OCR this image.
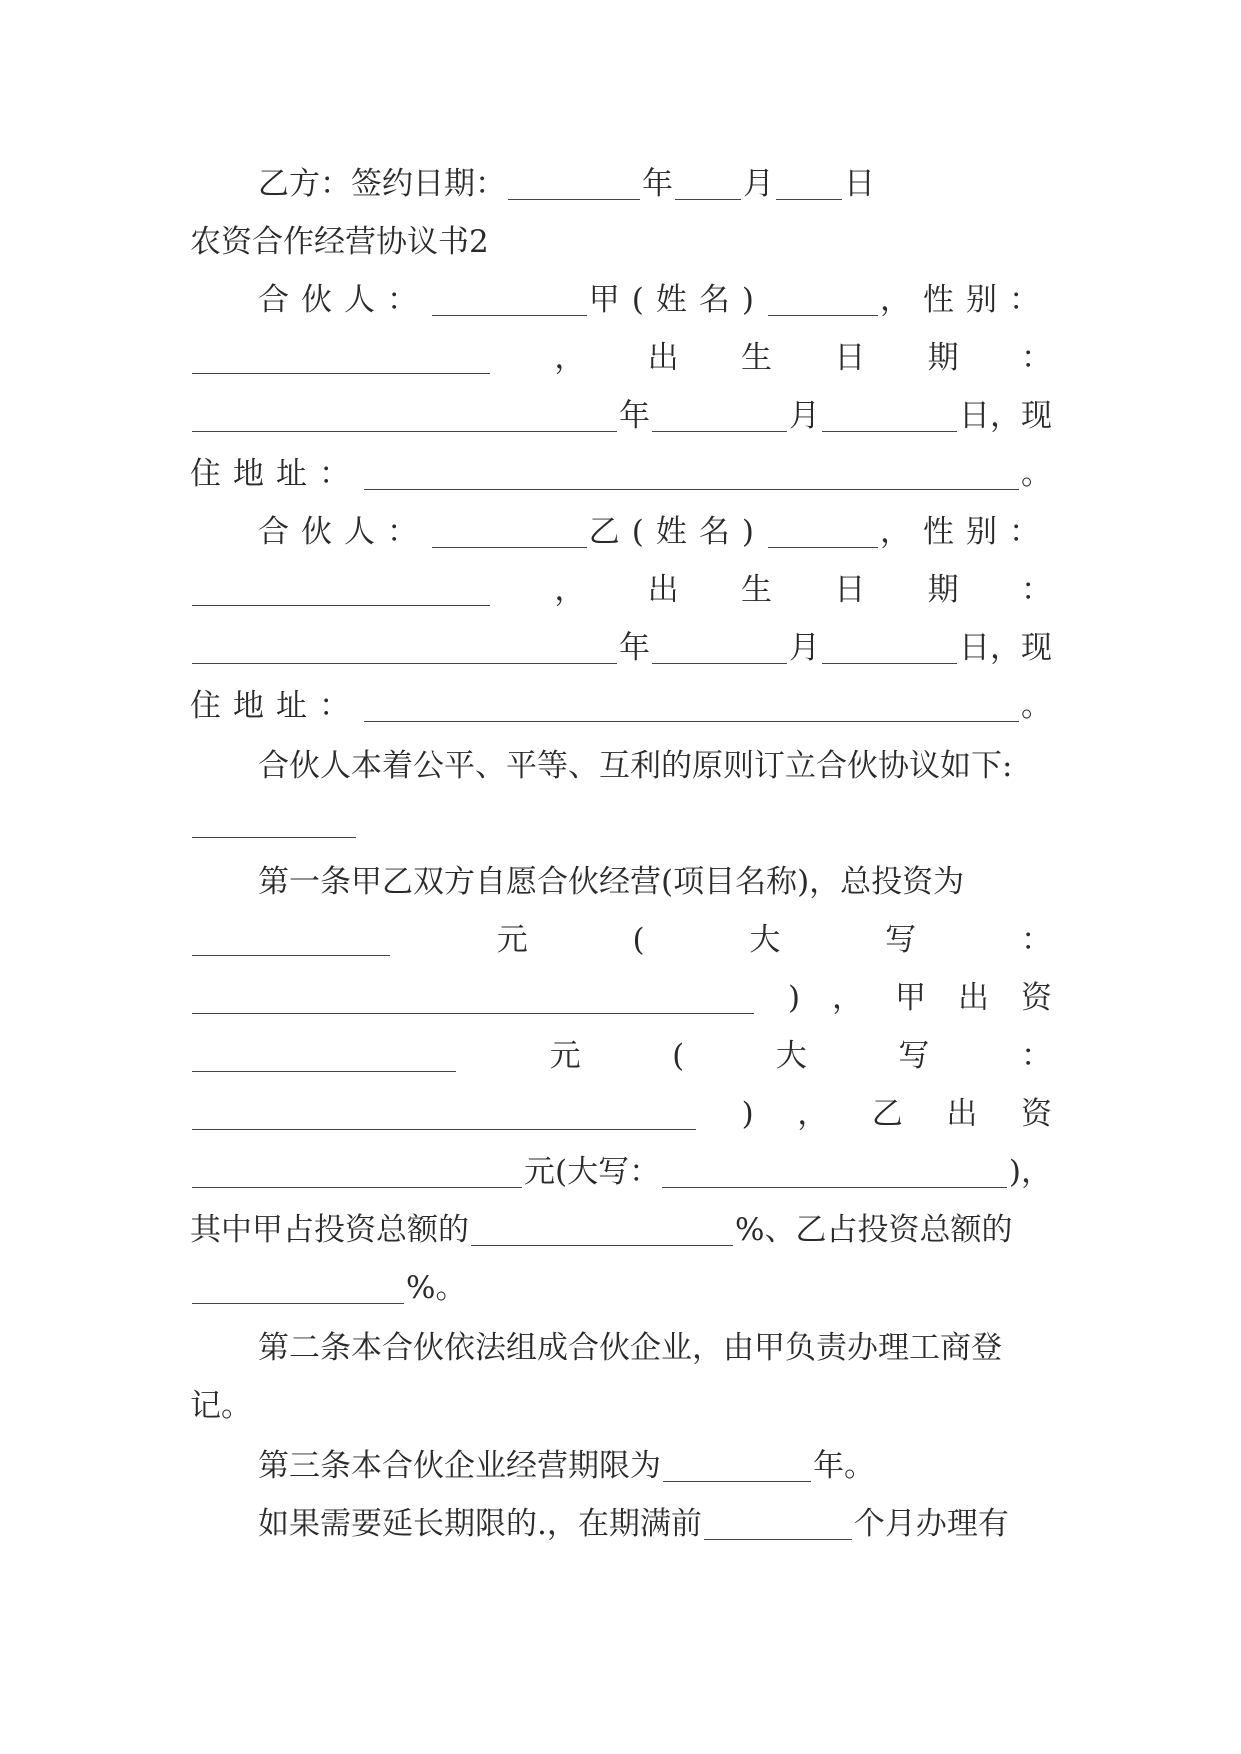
乙方：签约日期：	年 月 日
农资合作经营协议书2
合伙人：	甲(姓名)	，性别：
， 出 生 日 期 ：
年	月	日，现
住地址：	。
合伙人：	乙(姓名)	，性别：
， 出 生 日 期 ：
年	月	日，现
住地址：	。
合伙人本着公平、平等、互利的原则订立合伙协议如下:
第一条甲乙双方自愿合伙经营(项目名称)，总投资为
元	(	大	写	：
) ， 甲 出 资
元	(	大	写	：
) ， 乙 出 资
元(大写：	)，
其中甲占投资总额的	%、乙占投资总额的
%。
第二条本合伙依法组成合伙企业，由甲负责办理工商登
记。
第三条本合伙企业经营期限为	年。
如果需要延长期限的.，在期满前	个月办理有
